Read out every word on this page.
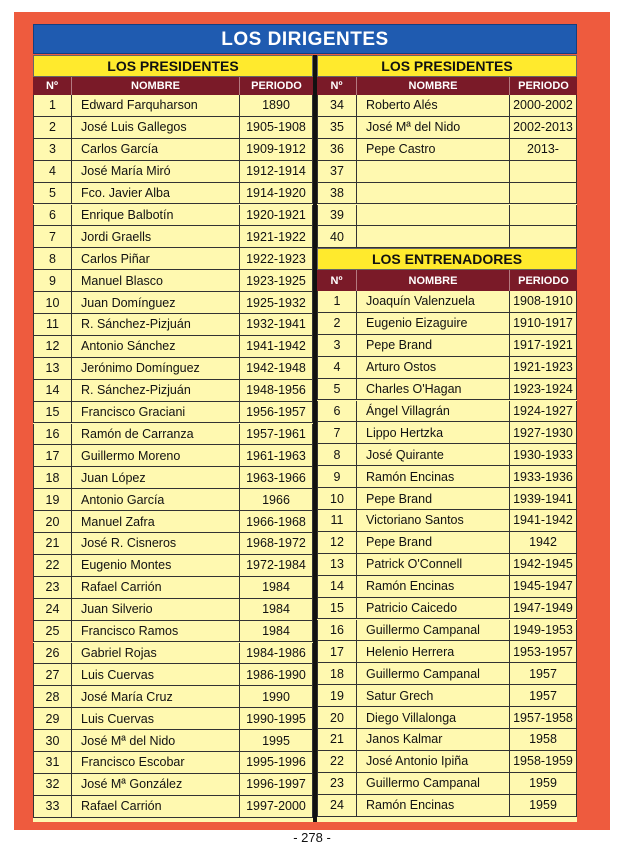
LOS DIRIGENTES
LOS PRESIDENTES
Nº	NOMBRE	PERIODO
1	Edward Farquharson	1890
2	José Luis Gallegos	1905-1908
3	Carlos García	1909-1912
4	José María Miró	1912-1914
5	Fco. Javier Alba	1914-1920
6	Enrique Balbotín	1920-1921
7	Jordi Graells	1921-1922
8	Carlos Piñar	1922-1923
9	Manuel Blasco	1923-1925
10	Juan Domínguez	1925-1932
11	R. Sánchez-Pizjuán	1932-1941
12	Antonio Sánchez	1941-1942
13	Jerónimo Domínguez	1942-1948
14	R. Sánchez-Pizjuán	1948-1956
15	Francisco Graciani	1956-1957
16	Ramón de Carranza	1957-1961
17	Guillermo Moreno	1961-1963
18	Juan López	1963-1966
19	Antonio García	1966
20	Manuel Zafra	1966-1968
21	José R. Cisneros	1968-1972
22	Eugenio Montes	1972-1984
23	Rafael Carrión	1984
24	Juan Silverio	1984
25	Francisco Ramos	1984
26	Gabriel Rojas	1984-1986
27	Luis Cuervas	1986-1990
28	José María Cruz	1990
29	Luis Cuervas	1990-1995
30	José Mª del Nido	1995
31	Francisco Escobar	1995-1996
32	José Mª González	1996-1997
33	Rafael Carrión	1997-2000
LOS PRESIDENTES
Nº	NOMBRE	PERIODO
34	Roberto Alés	2000-2002
35	José Mª del Nido	2002-2013
36	Pepe Castro	2013-
37
38
39
40
LOS ENTRENADORES
Nº	NOMBRE	PERIODO
1	Joaquín Valenzuela	1908-1910
2	Eugenio Eizaguire	1910-1917
3	Pepe Brand	1917-1921
4	Arturo Ostos	1921-1923
5	Charles O'Hagan	1923-1924
6	Ángel Villagrán	1924-1927
7	Lippo Hertzka	1927-1930
8	José Quirante	1930-1933
9	Ramón Encinas	1933-1936
10	Pepe Brand	1939-1941
11	Victoriano Santos	1941-1942
12	Pepe Brand	1942
13	Patrick O'Connell	1942-1945
14	Ramón Encinas	1945-1947
15	Patricio Caicedo	1947-1949
16	Guillermo Campanal	1949-1953
17	Helenio Herrera	1953-1957
18	Guillermo Campanal	1957
19	Satur Grech	1957
20	Diego Villalonga	1957-1958
21	Janos Kalmar	1958
22	José Antonio Ipiña	1958-1959
23	Guillermo Campanal	1959
24	Ramón Encinas	1959
- 278 -
